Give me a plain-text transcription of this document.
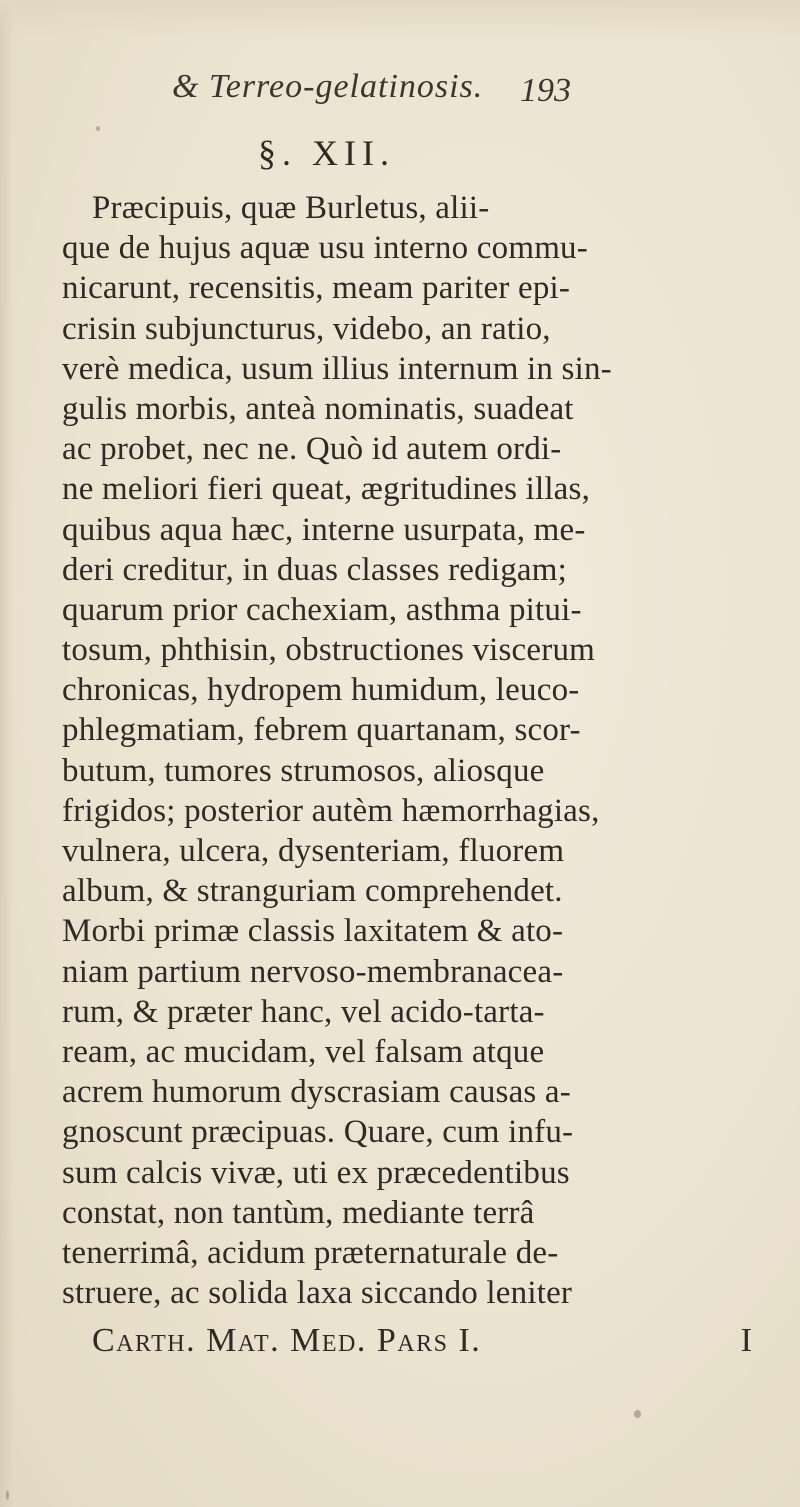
& Terreo-gelatinosis. 193
§. XII.
Præcipuis, quæ Burletus, alii-
que de hujus aquæ usu interno commu-
nicarunt, recensitis, meam pariter epi-
crisin subjuncturus, videbo, an ratio,
verè medica, usum illius internum in sin-
gulis morbis, anteà nominatis, suadeat
ac probet, nec ne. Quò id autem ordi-
ne meliori fieri queat, ægritudines illas,
quibus aqua hæc, interne usurpata, me-
deri creditur, in duas classes redigam;
quarum prior cachexiam, asthma pitui-
tosum, phthisin, obstructiones viscerum
chronicas, hydropem humidum, leuco-
phlegmatiam, febrem quartanam, scor-
butum, tumores strumosos, aliosque
frigidos; posterior autèm hæmorrhagias,
vulnera, ulcera, dysenteriam, fluorem
album, & stranguriam comprehendet.
Morbi primæ classis laxitatem & ato-
niam partium nervoso-membranacea-
rum, & præter hanc, vel acido-tarta-
ream, ac mucidam, vel falsam atque
acrem humorum dyscrasiam causas a-
gnoscunt præcipuas. Quare, cum infu-
sum calcis vivæ, uti ex præcedentibus
constat, non tantùm, mediante terrâ
tenerrimâ, acidum præternaturale de-
struere, ac solida laxa siccando leniter
Carth. Mat. Med. Pars I.	I
